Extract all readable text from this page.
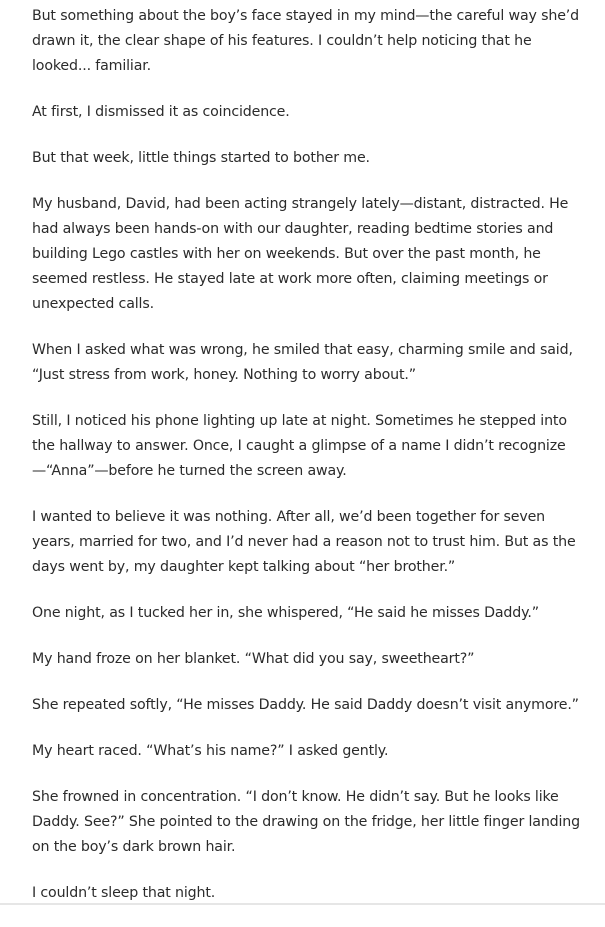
But something about the boy’s face stayed in my mind—the careful way she’d drawn it, the clear shape of his features. I couldn’t help noticing that he looked... familiar.

At first, I dismissed it as coincidence.

But that week, little things started to bother me.

My husband, David, had been acting strangely lately—distant, distracted. He had always been hands-on with our daughter, reading bedtime stories and building Lego castles with her on weekends. But over the past month, he seemed restless. He stayed late at work more often, claiming meetings or unexpected calls.

When I asked what was wrong, he smiled that easy, charming smile and said, “Just stress from work, honey. Nothing to worry about.”

Still, I noticed his phone lighting up late at night. Sometimes he stepped into the hallway to answer. Once, I caught a glimpse of a name I didn’t recognize —“Anna”—before he turned the screen away.

I wanted to believe it was nothing. After all, we’d been together for seven years, married for two, and I’d never had a reason not to trust him. But as the days went by, my daughter kept talking about “her brother.”

One night, as I tucked her in, she whispered, “He said he misses Daddy.”

My hand froze on her blanket. “What did you say, sweetheart?”

She repeated softly, “He misses Daddy. He said Daddy doesn’t visit anymore.”

My heart raced. “What’s his name?” I asked gently.

She frowned in concentration. “I don’t know. He didn’t say. But he looks like Daddy. See?” She pointed to the drawing on the fridge, her little finger landing on the boy’s dark brown hair.

I couldn’t sleep that night.
